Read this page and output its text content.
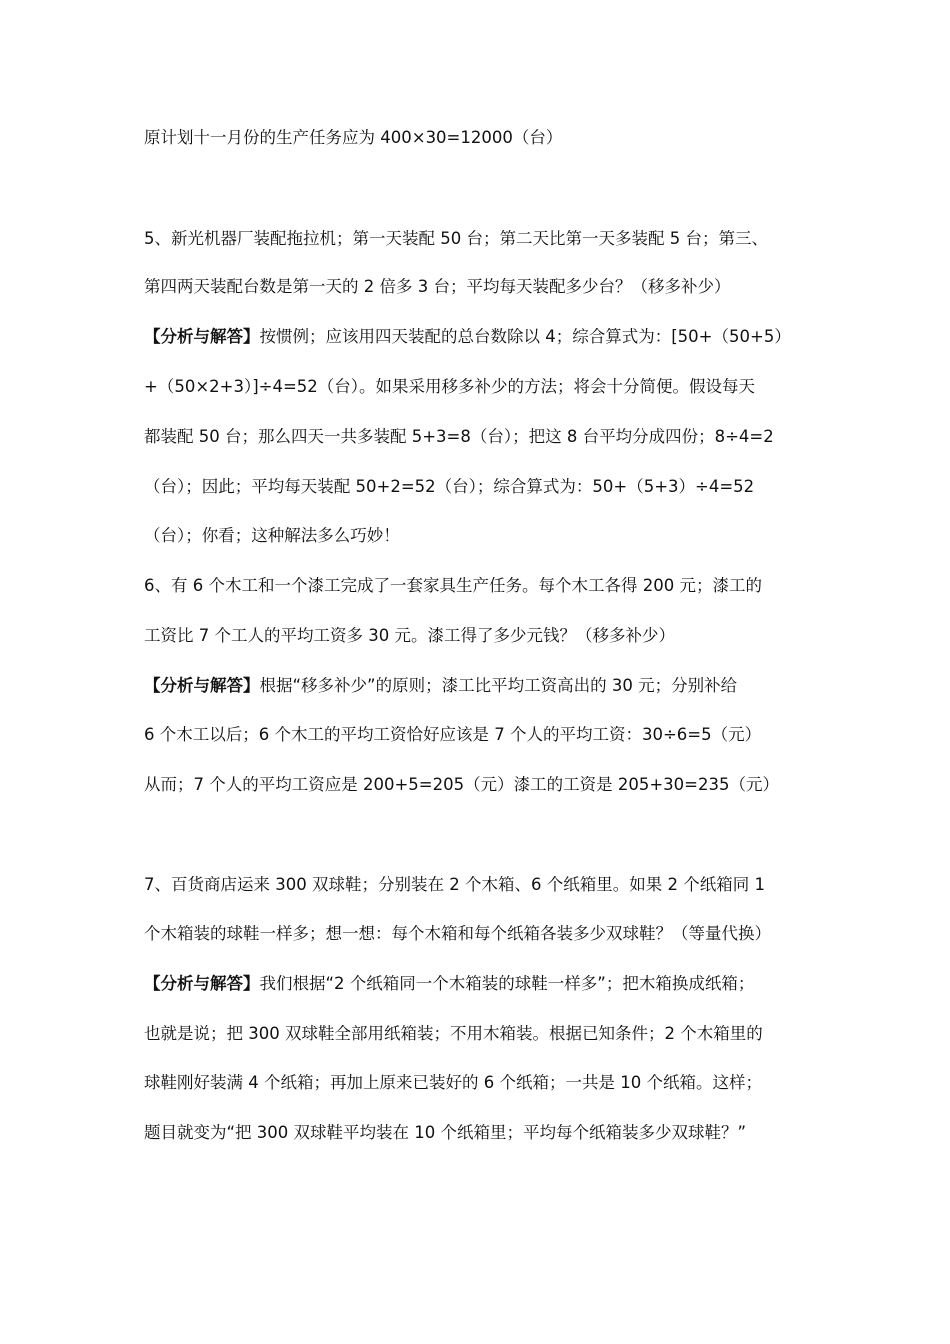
原计划十一月份的生产任务应为 400×30=12000（台）
5、新光机器厂装配拖拉机；第一天装配 50 台；第二天比第一天多装配 5 台；第三、
第四两天装配台数是第一天的 2 倍多 3 台；平均每天装配多少台？（移多补少）
【分析与解答】按惯例；应该用四天装配的总台数除以 4；综合算式为：[50+（50+5）
+（50×2+3）]÷4=52（台）。如果采用移多补少的方法；将会十分简便。假设每天
都装配 50 台；那么四天一共多装配 5+3=8（台）；把这 8 台平均分成四份；8÷4=2
（台）；因此；平均每天装配 50+2=52（台）；综合算式为：50+（5+3）÷4=52
（台）；你看；这种解法多么巧妙！
6、有 6 个木工和一个漆工完成了一套家具生产任务。每个木工各得 200 元；漆工的
工资比 7 个工人的平均工资多 30 元。漆工得了多少元钱？（移多补少）
【分析与解答】根据“移多补少”的原则；漆工比平均工资高出的 30 元；分别补给
6 个木工以后；6 个木工的平均工资恰好应该是 7 个人的平均工资：30÷6=5（元）
从而；7 个人的平均工资应是 200+5=205（元）漆工的工资是 205+30=235（元）
7、百货商店运来 300 双球鞋；分别装在 2 个木箱、6 个纸箱里。如果 2 个纸箱同 1
个木箱装的球鞋一样多；想一想：每个木箱和每个纸箱各装多少双球鞋？（等量代换）
【分析与解答】我们根据“2 个纸箱同一个木箱装的球鞋一样多”；把木箱换成纸箱；
也就是说；把 300 双球鞋全部用纸箱装；不用木箱装。根据已知条件；2 个木箱里的
球鞋刚好装满 4 个纸箱；再加上原来已装好的 6 个纸箱；一共是 10 个纸箱。这样；
题目就变为“把 300 双球鞋平均装在 10 个纸箱里；平均每个纸箱装多少双球鞋？”
